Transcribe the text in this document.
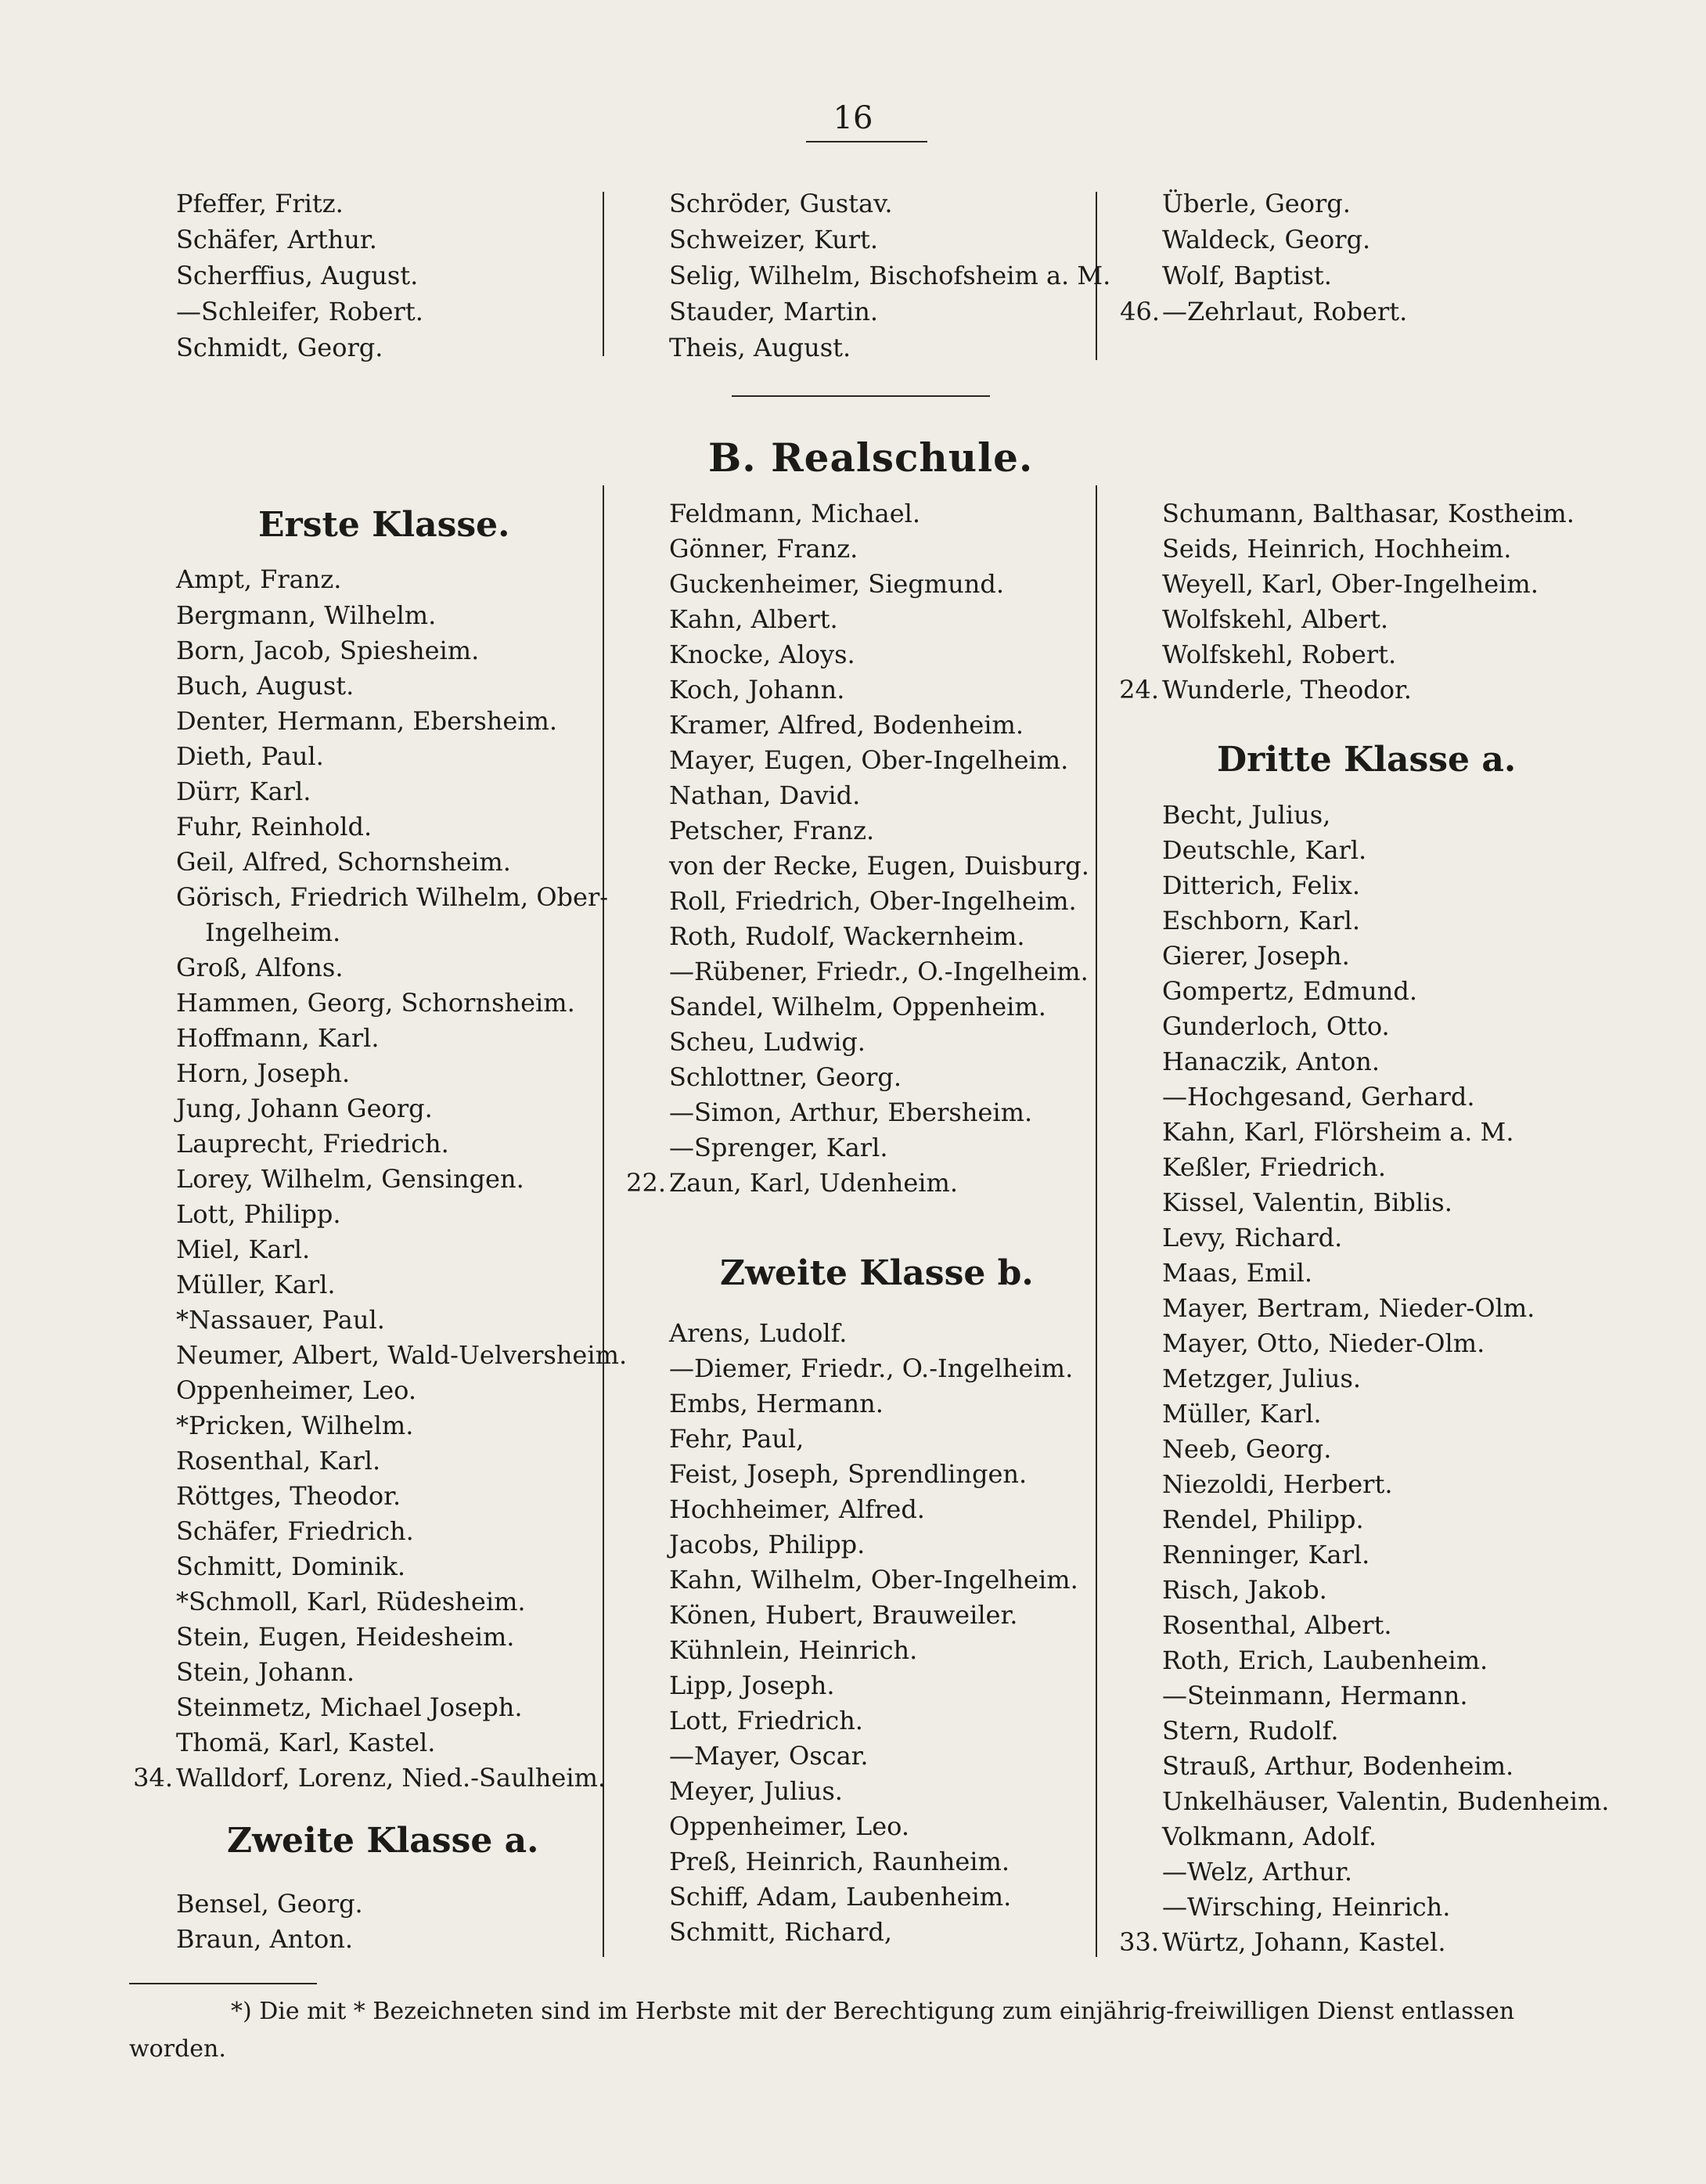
16
Pfeffer, Fritz.
Schäfer, Arthur.
Scherffius, August.
—Schleifer, Robert.
Schmidt, Georg.
Schröder, Gustav.
Schweizer, Kurt.
Selig, Wilhelm, Bischofsheim a. M.
Stauder, Martin.
Theis, August.
Überle, Georg.
Waldeck, Georg.
Wolf, Baptist.
46. —Zehrlaut, Robert.
B. Realschule.
Erste Klasse.
Ampt, Franz.
Bergmann, Wilhelm.
Born, Jacob, Spiesheim.
Buch, August.
Denter, Hermann, Ebersheim.
Dieth, Paul.
Dürr, Karl.
Fuhr, Reinhold.
Geil, Alfred, Schornsheim.
Görisch, Friedrich Wilhelm, Ober-
Ingelheim.
Groß, Alfons.
Hammen, Georg, Schornsheim.
Hoffmann, Karl.
Horn, Joseph.
Jung, Johann Georg.
Lauprecht, Friedrich.
Lorey, Wilhelm, Gensingen.
Lott, Philipp.
Miel, Karl.
Müller, Karl.
*Nassauer, Paul.
Neumer, Albert, Wald-Uelversheim.
Oppenheimer, Leo.
*Pricken, Wilhelm.
Rosenthal, Karl.
Röttges, Theodor.
Schäfer, Friedrich.
Schmitt, Dominik.
*Schmoll, Karl, Rüdesheim.
Stein, Eugen, Heidesheim.
Stein, Johann.
Steinmetz, Michael Joseph.
Thomä, Karl, Kastel.
34. Walldorf, Lorenz, Nied.-Saulheim.
Zweite Klasse a.
Bensel, Georg.
Braun, Anton.
Feldmann, Michael.
Gönner, Franz.
Guckenheimer, Siegmund.
Kahn, Albert.
Knocke, Aloys.
Koch, Johann.
Kramer, Alfred, Bodenheim.
Mayer, Eugen, Ober-Ingelheim.
Nathan, David.
Petscher, Franz.
von der Recke, Eugen, Duisburg.
Roll, Friedrich, Ober-Ingelheim.
Roth, Rudolf, Wackernheim.
—Rübener, Friedr., O.-Ingelheim.
Sandel, Wilhelm, Oppenheim.
Scheu, Ludwig.
Schlottner, Georg.
—Simon, Arthur, Ebersheim.
—Sprenger, Karl.
22. Zaun, Karl, Udenheim.
Zweite Klasse b.
Arens, Ludolf.
—Diemer, Friedr., O.-Ingelheim.
Embs, Hermann.
Fehr, Paul,
Feist, Joseph, Sprendlingen.
Hochheimer, Alfred.
Jacobs, Philipp.
Kahn, Wilhelm, Ober-Ingelheim.
Könen, Hubert, Brauweiler.
Kühnlein, Heinrich.
Lipp, Joseph.
Lott, Friedrich.
—Mayer, Oscar.
Meyer, Julius.
Oppenheimer, Leo.
Preß, Heinrich, Raunheim.
Schiff, Adam, Laubenheim.
Schmitt, Richard,
Schumann, Balthasar, Kostheim.
Seids, Heinrich, Hochheim.
Weyell, Karl, Ober-Ingelheim.
Wolfskehl, Albert.
Wolfskehl, Robert.
24. Wunderle, Theodor.
Dritte Klasse a.
Becht, Julius,
Deutschle, Karl.
Ditterich, Felix.
Eschborn, Karl.
Gierer, Joseph.
Gompertz, Edmund.
Gunderloch, Otto.
Hanaczik, Anton.
—Hochgesand, Gerhard.
Kahn, Karl, Flörsheim a. M.
Keßler, Friedrich.
Kissel, Valentin, Biblis.
Levy, Richard.
Maas, Emil.
Mayer, Bertram, Nieder-Olm.
Mayer, Otto, Nieder-Olm.
Metzger, Julius.
Müller, Karl.
Neeb, Georg.
Niezoldi, Herbert.
Rendel, Philipp.
Renninger, Karl.
Risch, Jakob.
Rosenthal, Albert.
Roth, Erich, Laubenheim.
—Steinmann, Hermann.
Stern, Rudolf.
Strauß, Arthur, Bodenheim.
Unkelhäuser, Valentin, Budenheim.
Volkmann, Adolf.
—Welz, Arthur.
—Wirsching, Heinrich.
33. Würtz, Johann, Kastel.
*) Die mit * Bezeichneten sind im Herbste mit der Berechtigung zum einjährig-freiwilligen Dienst entlassen
worden.
